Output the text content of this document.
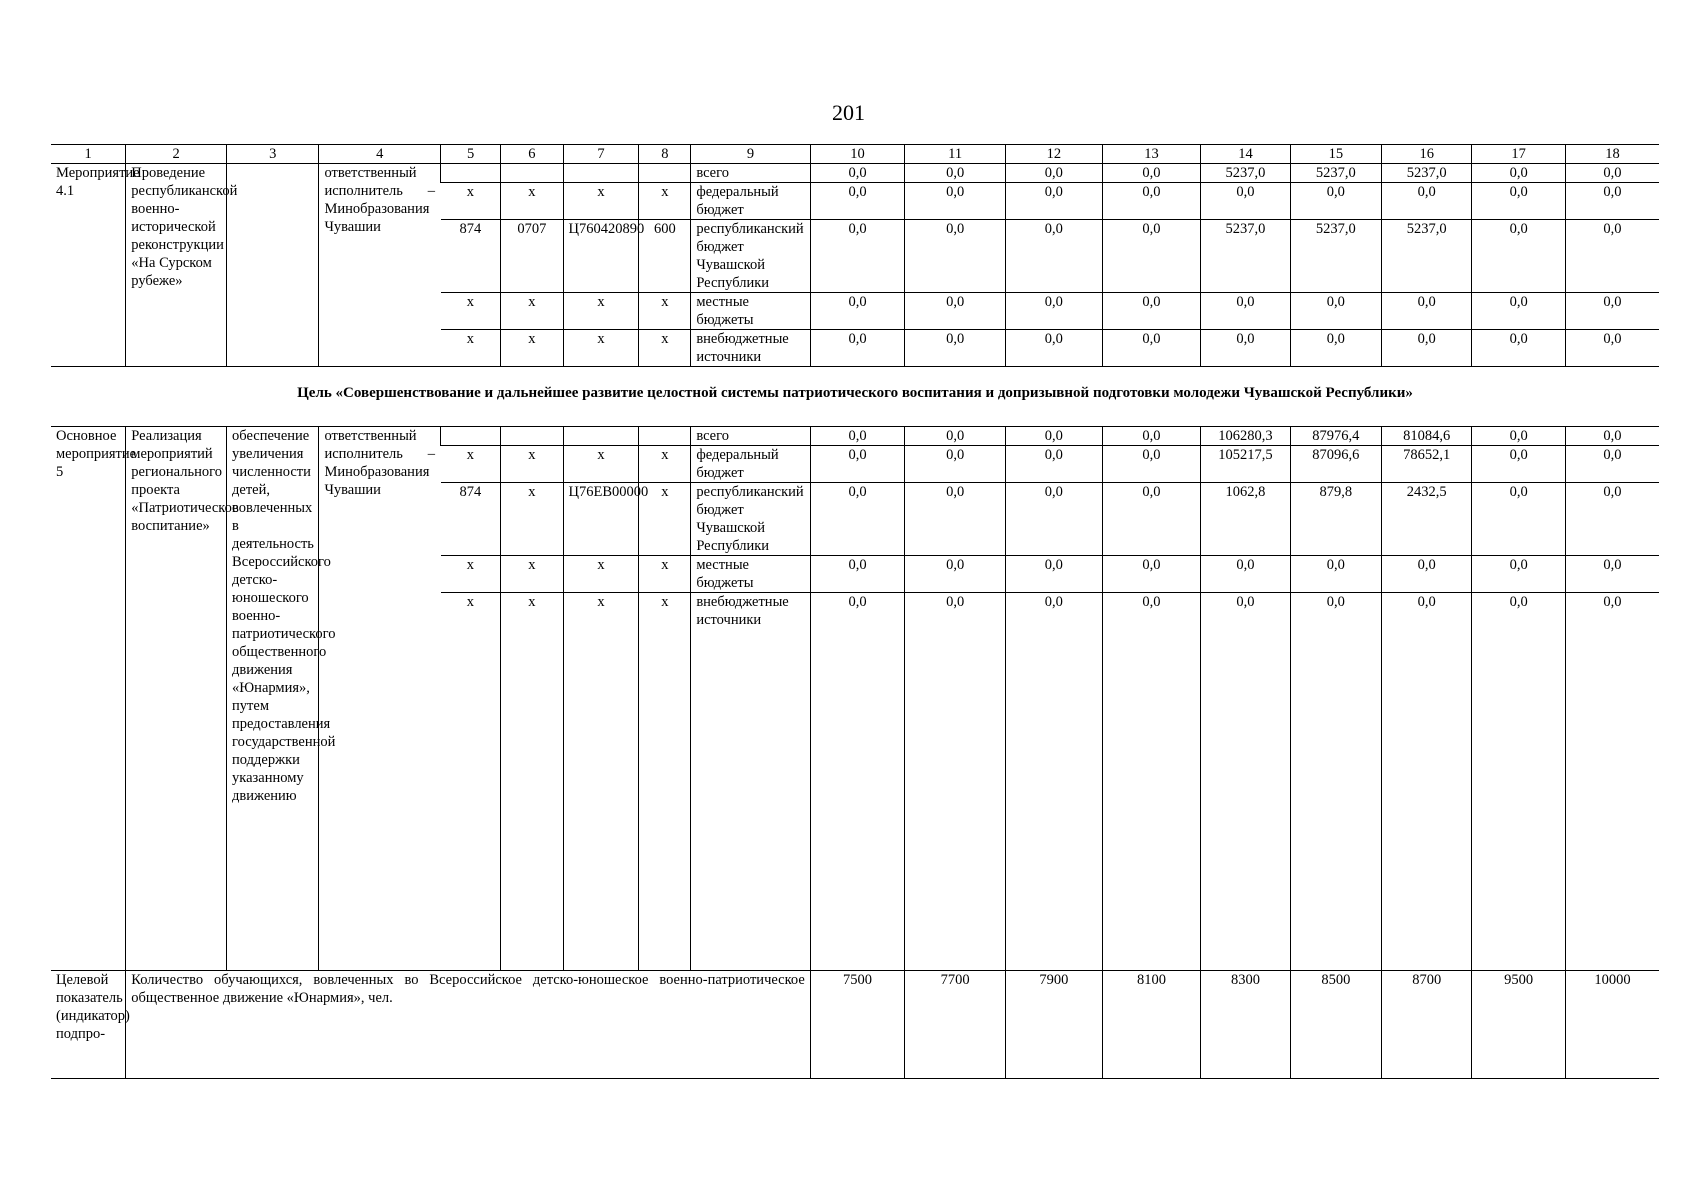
201
1	2	3	4	5	6	7	8	9	10	11	12	13	14	15	16	17	18
Мероприятие 4.1	Проведение республиканской военно-исторической реконструкции «На Сурском рубеже»		ответственный исполнитель – Минобразования Чувашии					всего	0,0	0,0	0,0	0,0	5237,0	5237,0	5237,0	0,0	0,0
				х	х	х	х	федеральный бюджет	0,0	0,0	0,0	0,0	0,0	0,0	0,0	0,0	0,0
				874	0707	Ц760420890	600	республиканский бюджет Чувашской Республики	0,0	0,0	0,0	0,0	5237,0	5237,0	5237,0	0,0	0,0
				х	х	х	х	местные бюджеты	0,0	0,0	0,0	0,0	0,0	0,0	0,0	0,0	0,0
				х	х	х	х	внебюджетные источники	0,0	0,0	0,0	0,0	0,0	0,0	0,0	0,0	0,0
Цель «Совершенствование и дальнейшее развитие целостной системы патриотического воспитания и допризывной подготовки молодежи Чувашской Республики»
Основное мероприятие 5	Реализация мероприятий регионального проекта «Патриотическое воспитание»	обеспечение увеличения численности детей, вовлеченных в деятельность Всероссийского детско-юношеского военно-патриотического общественного движения «Юнармия», путем предоставления государственной поддержки указанному движению	ответственный исполнитель – Минобразования Чувашии					всего	0,0	0,0	0,0	0,0	106280,3	87976,4	81084,6	0,0	0,0
				х	х	х	х	федеральный бюджет	0,0	0,0	0,0	0,0	105217,5	87096,6	78652,1	0,0	0,0
				874	х	Ц76ЕВ00000	х	республиканский бюджет Чувашской Республики	0,0	0,0	0,0	0,0	1062,8	879,8	2432,5	0,0	0,0
				х	х	х	х	местные бюджеты	0,0	0,0	0,0	0,0	0,0	0,0	0,0	0,0	0,0
				х	х	х	х	внебюджетные источники	0,0	0,0	0,0	0,0	0,0	0,0	0,0	0,0	0,0
Целевой показатель (индикатор) подпро-	Количество обучающихся, вовлеченных во Всероссийское детско-юношеское военно-патриотическое общественное движение «Юнармия», чел.								7500	7700	7900	8100	8300	8500	8700	9500	10000
